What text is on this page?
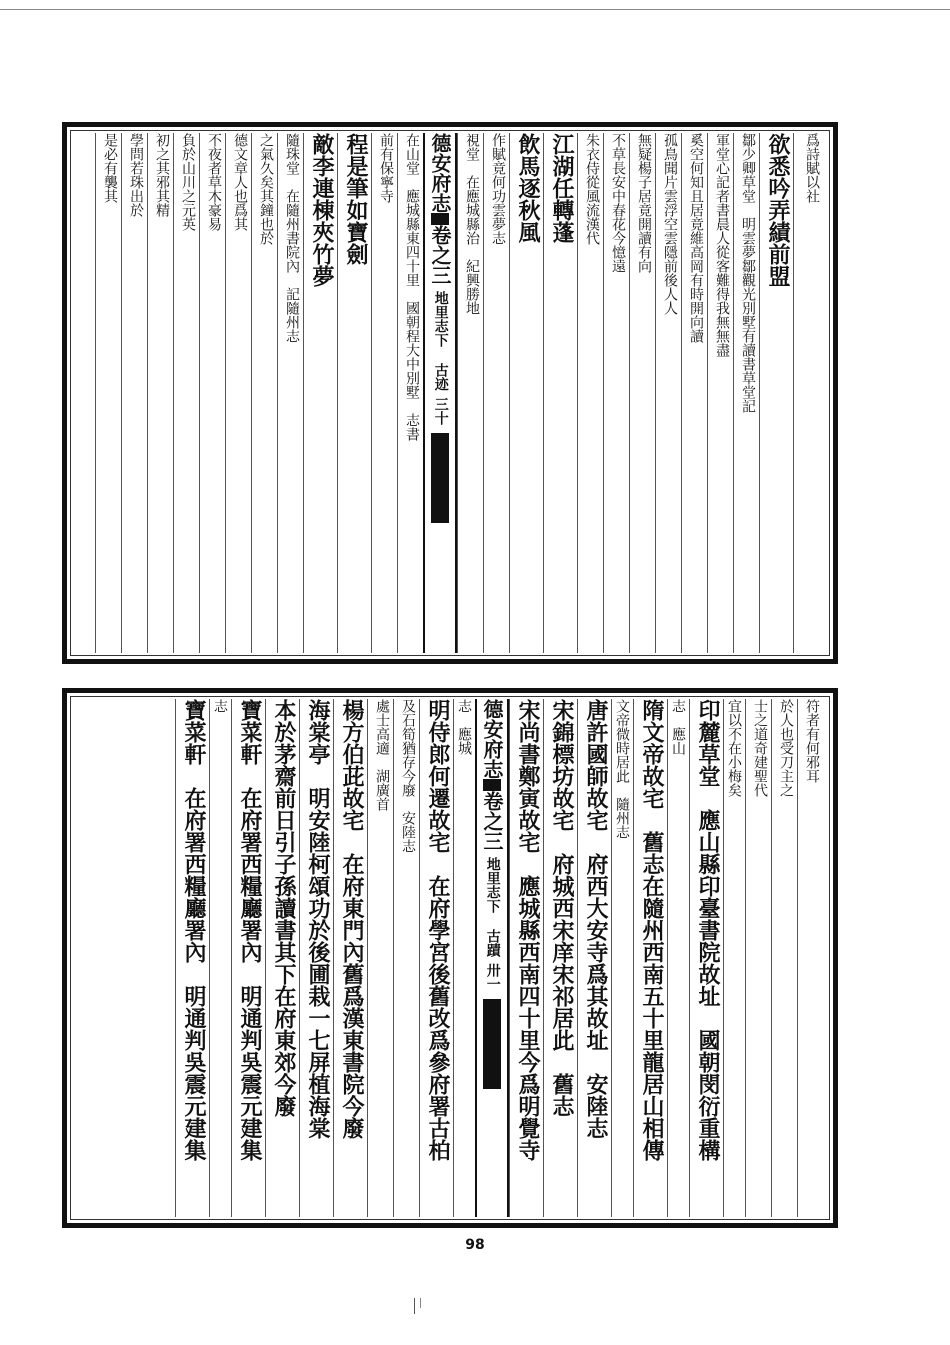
爲詩賦以社
欲悉吟弄績前盟
鄒少卿草堂　明雲夢鄒觀光別墅有讀書草堂記
軍堂心記者書晨人從客難得我無無盡
奚空何知且居竟維高岡有時開向讀
孤鳥聞片雲浮空雲隱前後人人
無疑楊子居竟開讀有向
不草長安中春花今憶遠
朱衣侍從風流漢代
江湖任轉蓬
飲馬逐秋風
作賦竟何功雲夢志
視堂　在應城縣治　紀興勝地
德安府志
卷之三
地里志下 古迹
三十
在山堂　應城縣東四十里　國朝程大中別墅　志書
前有保寧寺
程是筆如寶劍
敵李連棟夾竹夢
隨珠堂　在隨州書院內　記隨州志
之氣久矣其鐘也於
德文章人也爲其
不夜者草木豪易
負於山川之元英
初之其邪其精
學問若珠出於
是必有襲其
符者有何邪耳
於人也受刀主之
士之道奇建聖代
宜以不在小梅矣
印麓草堂　應山縣印臺書院故址　國朝閔衍重構
志　應山
隋文帝故宅　舊志在隨州西南五十里龍居山相傳
文帝微時居此　隨州志
唐許國師故宅　府西大安寺爲其故址　安陸志
宋錦標坊故宅　府城西宋庠宋祁居此　舊志
宋尚書鄭寅故宅　應城縣西南四十里今爲明覺寺
德安府志
卷之三
地里志下 古蹟
卅一
志　應城
明侍郎何遷故宅　在府學宮後舊改爲參府署古柏
及石筍猶存今廢　安陸志
處士高適　湖廣首
楊方伯茈故宅　在府東門內舊爲漢東書院今廢
海棠亭　明安陸柯頌功於後圃栽一七屏植海棠
本於茅齋前日引子孫讀書其下在府東郊今廢
寶菜軒　在府署西糧廳署內　明通判吳震元建集
志
寶菜軒　在府署西糧廳署內　明通判吳震元建集
98
